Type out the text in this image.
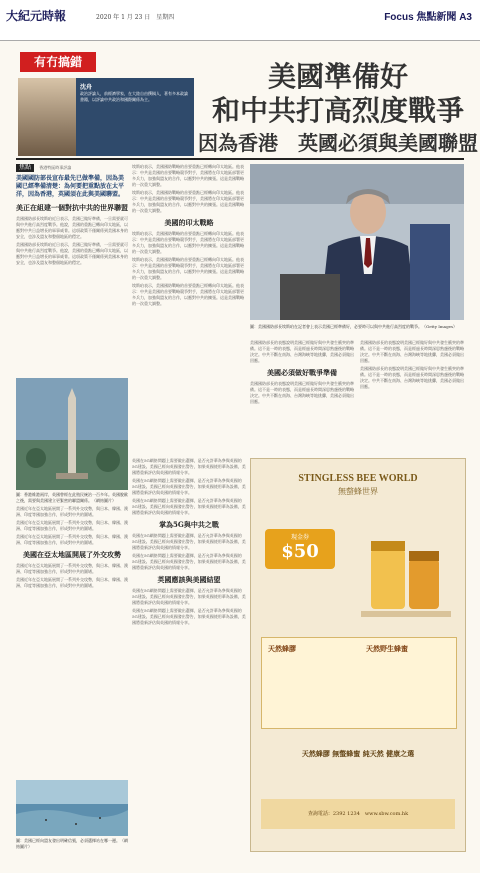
大紀元時報	2020 年 1 月 23 日　星期四	Focus 焦點新聞 A3
有冇搞錯
沈舟
政治評論人，前經濟學家，在大陸自由撰稿人，著有多本政論書籍，以評論中共政治和國際關係為主。
美國準備好
和中共打高烈度戰爭
因為香港　英國必須與美國聯盟
焦點 香港特區時事評論

美國國防部長宣布最先已做準備，因為美國已經準備清楚：為何要把重點放在太平洋，因為香港，英國須在此與美國聯盟。

美正在組建一個對抗中共的世界聯盟

美國國防部長埃斯珀近日表示，美國已做好準備，一旦需要就可與中共進行高烈度戰爭。他說，美國的重點已轉向印太地區，以應對中共日益增長的軍事威脅。這項政策不僅關係到美國本身的安全，也涉及盟友和整個地區的穩定。

美國國防部長埃斯珀近日表示，美國已做好準備，一旦需要就可與中共進行高烈度戰爭。他說，美國的重點已轉向印太地區，以應對中共日益增長的軍事威脅。這項政策不僅關係到美國本身的安全，也涉及盟友和整個地區的穩定。

圖：香港維港兩岸，英國曾經在此殖民統治一百多年。英國脫歐之後，需要與美國建立更緊密的聯盟關係。（網絡圖片）

埃斯珀表示，美國國防戰略的首要重點已經轉向印太地區。他表示：中共是美國的首要戰略競爭對手，美國將在印太地區部署更多兵力，加強與盟友的合作，以應對中共的擴張。這是美國戰略的一次重大調整。

埃斯珀表示，美國國防戰略的首要重點已經轉向印太地區。他表示：中共是美國的首要戰略競爭對手，美國將在印太地區部署更多兵力，加強與盟友的合作，以應對中共的擴張。這是美國戰略的一次重大調整。

美國的印太戰略

埃斯珀表示，美國國防戰略的首要重點已經轉向印太地區。他表示：中共是美國的首要戰略競爭對手，美國將在印太地區部署更多兵力，加強與盟友的合作，以應對中共的擴張。這是美國戰略的一次重大調整。

埃斯珀表示，美國國防戰略的首要重點已經轉向印太地區。他表示：中共是美國的首要戰略競爭對手，美國將在印太地區部署更多兵力，加強與盟友的合作，以應對中共的擴張。這是美國戰略的一次重大調整。

埃斯珀表示，美國國防戰略的首要重點已經轉向印太地區。他表示：中共是美國的首要戰略競爭對手，美國將在印太地區部署更多兵力，加強與盟友的合作，以應對中共的擴張。這是美國戰略的一次重大調整。

圖：美國國防部長埃斯珀在記者會上表示美國已經準備好，必要時可以與中共進行高烈度的戰爭。（Getty Images）

美國國防部長的表態說明美國已經做好與中共發生衝突的準備。這不是一時的表態，而是經過長時間深思熟慮後的戰略決定。中共不斷在南海、台灣海峽等地挑釁，美國必須做出回應。

美國必須做好戰爭準備

美國國防部長的表態說明美國已經做好與中共發生衝突的準備。這不是一時的表態，而是經過長時間深思熟慮後的戰略決定。中共不斷在南海、台灣海峽等地挑釁，美國必須做出回應。

美國國防部長的表態說明美國已經做好與中共發生衝突的準備。這不是一時的表態，而是經過長時間深思熟慮後的戰略決定。中共不斷在南海、台灣海峽等地挑釁，美國必須做出回應。

美國國防部長的表態說明美國已經做好與中共發生衝突的準備。這不是一時的表態，而是經過長時間深思熟慮後的戰略決定。中共不斷在南海、台灣海峽等地挑釁，美國必須做出回應。

美國近年在亞太地區展開了一系列外交攻勢，與日本、韓國、澳洲、印度等國加強合作，形成對中共的圍堵。

美國近年在亞太地區展開了一系列外交攻勢，與日本、韓國、澳洲、印度等國加強合作，形成對中共的圍堵。

美國近年在亞太地區展開了一系列外交攻勢，與日本、韓國、澳洲、印度等國加強合作，形成對中共的圍堵。

美國在亞太地區開展了外交攻勢

美國近年在亞太地區展開了一系列外交攻勢，與日本、韓國、澳洲、印度等國加強合作，形成對中共的圍堵。

美國近年在亞太地區展開了一系列外交攻勢，與日本、韓國、澳洲、印度等國加強合作，形成對中共的圍堵。

圖：美國已經向盟友發出明確信號，必須選擇站在哪一邊。（網絡圖片）

英國在5G網絡問題上需要做出選擇，是否允許華為參與英國的5G建設。美國已經向英國發出警告，如果英國使用華為設備，美國將重新評估與英國的情報分享。

英國在5G網絡問題上需要做出選擇，是否允許華為參與英國的5G建設。美國已經向英國發出警告，如果英國使用華為設備，美國將重新評估與英國的情報分享。

英國在5G網絡問題上需要做出選擇，是否允許華為參與英國的5G建設。美國已經向英國發出警告，如果英國使用華為設備，美國將重新評估與英國的情報分享。

掌為5G與中共之戰

英國在5G網絡問題上需要做出選擇，是否允許華為參與英國的5G建設。美國已經向英國發出警告，如果英國使用華為設備，美國將重新評估與英國的情報分享。

英國在5G網絡問題上需要做出選擇，是否允許華為參與英國的5G建設。美國已經向英國發出警告，如果英國使用華為設備，美國將重新評估與英國的情報分享。

英國應該與美國結盟

英國在5G網絡問題上需要做出選擇，是否允許華為參與英國的5G建設。美國已經向英國發出警告，如果英國使用華為設備，美國將重新評估與英國的情報分享。

英國在5G網絡問題上需要做出選擇，是否允許華為參與英國的5G建設。美國已經向英國發出警告，如果英國使用華為設備，美國將重新評估與英國的情報分享。

STINGLESS BEE WORLD
無螫蜂世界
現金券
$50
天然蜂膠	天然野生蜂蜜
天然蜂膠 無螫蜂蜜 純天然 健康之選
查詢電話：2392 1234　www.sbw.com.hk
